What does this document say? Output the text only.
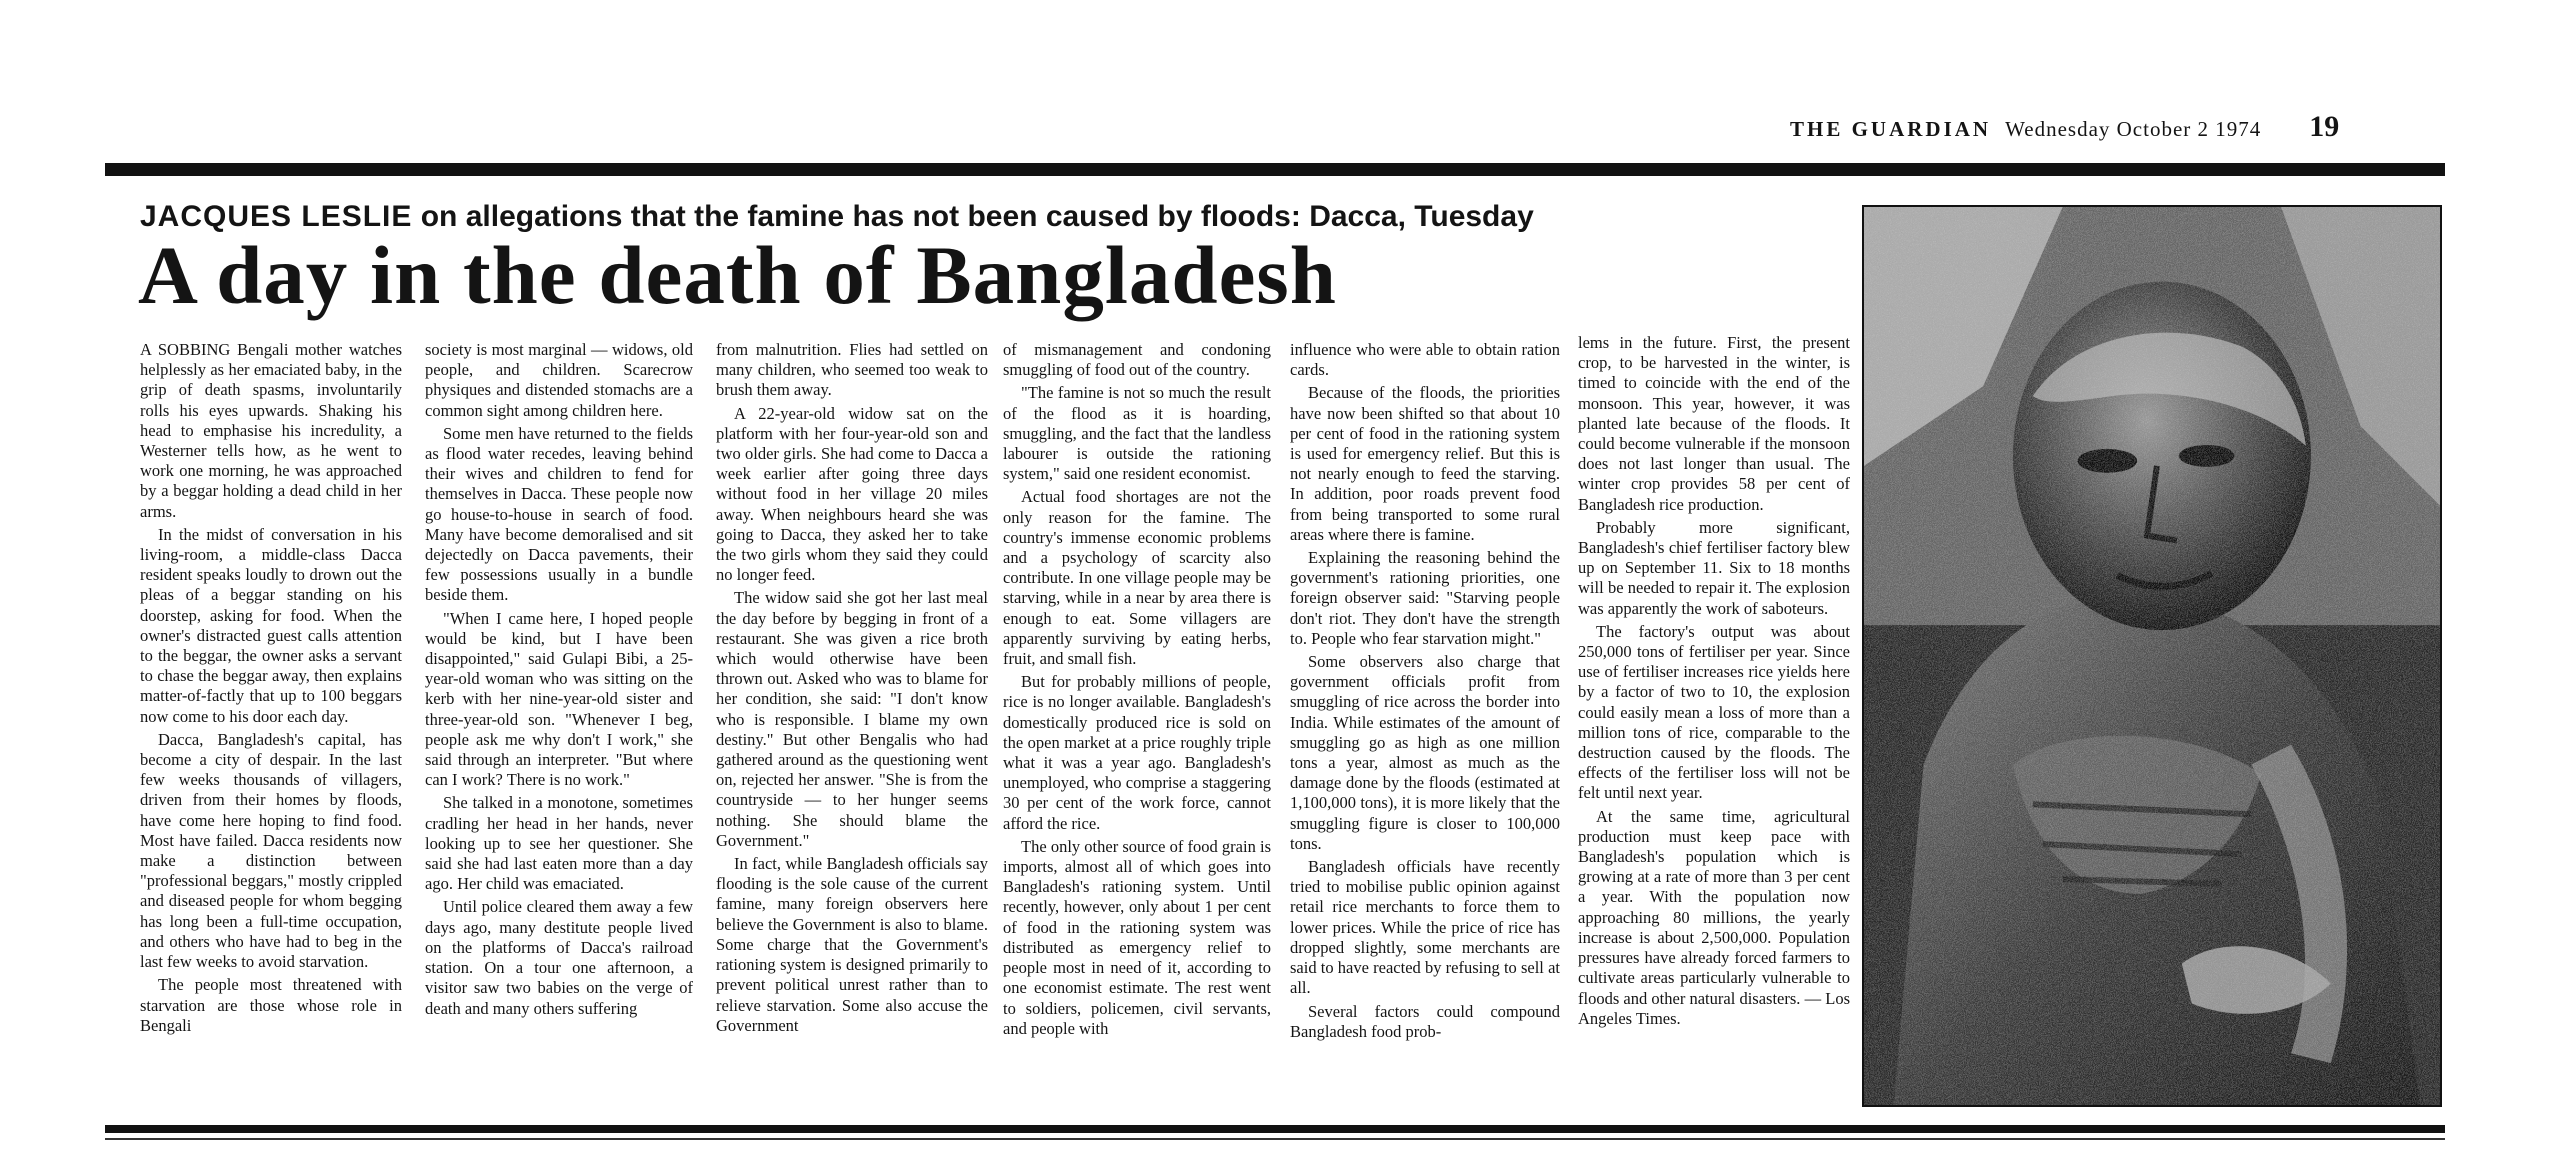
THE GUARDIAN Wednesday October 2 1974 19
JACQUES LESLIE on allegations that the famine has not been caused by floods: Dacca, Tuesday
A day in the death of Bangladesh

A SOBBING Bengali mother watches helplessly as her emaciated baby, in the grip of death spasms, involuntarily rolls his eyes upwards. Shaking his head to emphasise his incredulity, a Westerner tells how, as he went to work one morning, he was approached by a beggar holding a dead child in her arms.

In the midst of conversation in his living-room, a middle-class Dacca resident speaks loudly to drown out the pleas of a beggar standing on his doorstep, asking for food. When the owner's distracted guest calls attention to the beggar, the owner asks a servant to chase the beggar away, then explains matter-of-factly that up to 100 beggars now come to his door each day.

Dacca, Bangladesh's capital, has become a city of despair. In the last few weeks thousands of villagers, driven from their homes by floods, have come here hoping to find food. Most have failed. Dacca residents now make a distinction between "professional beggars," mostly crippled and diseased people for whom begging has long been a full-time occupation, and others who have had to beg in the last few weeks to avoid starvation.

The people most threatened with starvation are those whose role in Bengali

society is most marginal — widows, old people, and children. Scarecrow physiques and distended stomachs are a common sight among children here.

Some men have returned to the fields as flood water recedes, leaving behind their wives and children to fend for themselves in Dacca. These people now go house-to-house in search of food. Many have become demoralised and sit dejectedly on Dacca pavements, their few possessions usually in a bundle beside them.

"When I came here, I hoped people would be kind, but I have been disappointed," said Gulapi Bibi, a 25-year-old woman who was sitting on the kerb with her nine-year-old sister and three-year-old son. "Whenever I beg, people ask me why don't I work," she said through an interpreter. "But where can I work? There is no work."

She talked in a monotone, sometimes cradling her head in her hands, never looking up to see her questioner. She said she had last eaten more than a day ago. Her child was emaciated.

Until police cleared them away a few days ago, many destitute people lived on the platforms of Dacca's railroad station. On a tour one afternoon, a visitor saw two babies on the verge of death and many others suffering

from malnutrition. Flies had settled on many children, who seemed too weak to brush them away.

A 22-year-old widow sat on the platform with her four-year-old son and two older girls. She had come to Dacca a week earlier after going three days without food in her village 20 miles away. When neighbours heard she was going to Dacca, they asked her to take the two girls whom they said they could no longer feed.

The widow said she got her last meal the day before by begging in front of a restaurant. She was given a rice broth which would otherwise have been thrown out. Asked who was to blame for her condition, she said: "I don't know who is responsible. I blame my own destiny." But other Bengalis who had gathered around as the questioning went on, rejected her answer. "She is from the countryside — to her hunger seems nothing. She should blame the Government."

In fact, while Bangladesh officials say flooding is the sole cause of the current famine, many foreign observers here believe the Government is also to blame. Some charge that the Government's rationing system is designed primarily to prevent political unrest rather than to relieve starvation. Some also accuse the Government

of mismanagement and condoning smuggling of food out of the country.

"The famine is not so much the result of the flood as it is hoarding, smuggling, and the fact that the landless labourer is outside the rationing system," said one resident economist.

Actual food shortages are not the only reason for the famine. The country's immense economic problems and a psychology of scarcity also contribute. In one village people may be starving, while in a near by area there is enough to eat. Some villagers are apparently surviving by eating herbs, fruit, and small fish.

But for probably millions of people, rice is no longer available. Bangladesh's domestically produced rice is sold on the open market at a price roughly triple what it was a year ago. Bangladesh's unemployed, who comprise a staggering 30 per cent of the work force, cannot afford the rice.

The only other source of food grain is imports, almost all of which goes into Bangladesh's rationing system. Until recently, however, only about 1 per cent of food in the rationing system was distributed as emergency relief to people most in need of it, according to one economist estimate. The rest went to soldiers, policemen, civil servants, and people with

influence who were able to obtain ration cards.

Because of the floods, the priorities have now been shifted so that about 10 per cent of food in the rationing system is used for emergency relief. But this is not nearly enough to feed the starving. In addition, poor roads prevent food from being transported to some rural areas where there is famine.

Explaining the reasoning behind the government's rationing priorities, one foreign observer said: "Starving people don't riot. They don't have the strength to. People who fear starvation might."

Some observers also charge that government officials profit from smuggling of rice across the border into India. While estimates of the amount of smuggling go as high as one million tons a year, almost as much as the damage done by the floods (estimated at 1,100,000 tons), it is more likely that the smuggling figure is closer to 100,000 tons.

Bangladesh officials have recently tried to mobilise public opinion against retail rice merchants to force them to lower prices. While the price of rice has dropped slightly, some merchants are said to have reacted by refusing to sell at all.

Several factors could compound Bangladesh food prob-

lems in the future. First, the present crop, to be harvested in the winter, is timed to coincide with the end of the monsoon. This year, however, it was planted late because of the floods. It could become vulnerable if the monsoon does not last longer than usual. The winter crop provides 58 per cent of Bangladesh rice production.

Probably more significant, Bangladesh's chief fertiliser factory blew up on September 11. Six to 18 months will be needed to repair it. The explosion was apparently the work of saboteurs.

The factory's output was about 250,000 tons of fertiliser per year. Since use of fertiliser increases rice yields here by a factor of two to 10, the explosion could easily mean a loss of more than a million tons of rice, comparable to the destruction caused by the floods. The effects of the fertiliser loss will not be felt until next year.

At the same time, agricultural production must keep pace with Bangladesh's population which is growing at a rate of more than 3 per cent a year. With the population now approaching 80 millions, the yearly increase is about 2,500,000. Population pressures have already forced farmers to cultivate areas particularly vulnerable to floods and other natural disasters. — Los Angeles Times.
